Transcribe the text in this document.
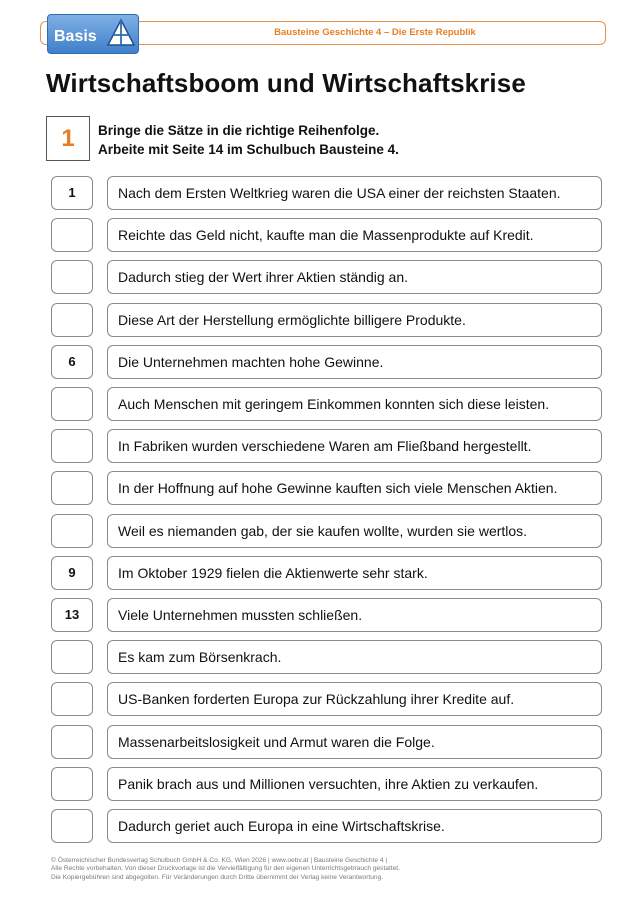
Bausteine Geschichte 4 – Die Erste Republik
Basis
Wirtschaftsboom und Wirtschaftskrise
1	Bringe die Sätze in die richtige Reihenfolge.
Arbeite mit Seite 14 im Schulbuch Bausteine 4.
1	Nach dem Ersten Weltkrieg waren die USA einer der reichsten Staaten.
Reichte das Geld nicht, kaufte man die Massenprodukte auf Kredit.
Dadurch stieg der Wert ihrer Aktien ständig an.
Diese Art der Herstellung ermöglichte billigere Produkte.
6	Die Unternehmen machten hohe Gewinne.
Auch Menschen mit geringem Einkommen konnten sich diese leisten.
In Fabriken wurden verschiedene Waren am Fließband hergestellt.
In der Hoffnung auf hohe Gewinne kauften sich viele Menschen Aktien.
Weil es niemanden gab, der sie kaufen wollte, wurden sie wertlos.
9	Im Oktober 1929 fielen die Aktienwerte sehr stark.
13	Viele Unternehmen mussten schließen.
Es kam zum Börsenkrach.
US-Banken forderten Europa zur Rückzahlung ihrer Kredite auf.
Massenarbeitslosigkeit und Armut waren die Folge.
Panik brach aus und Millionen versuchten, ihre Aktien zu verkaufen.
Dadurch geriet auch Europa in eine Wirtschaftskrise.
© Österreichischer Bundesverlag Schulbuch GmbH & Co. KG, Wien 2026 | www.oebv.at | Bausteine Geschichte 4 |
Alle Rechte vorbehalten. Von dieser Druckvorlage ist die Vervielfältigung für den eigenen Unterrichtsgebrauch gestattet.
Die Kopiergebühren sind abgegolten. Für Veränderungen durch Dritte übernimmt der Verlag keine Verantwortung.
